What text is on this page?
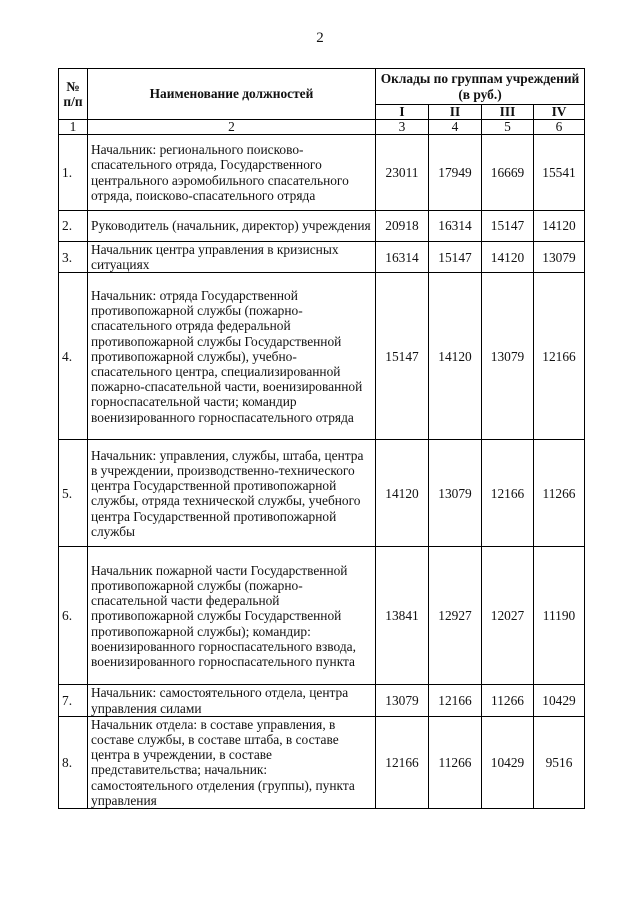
2
№ п/п	Наименование должностей	Оклады по группам учреждений (в руб.)			
		I	II	III	IV
1	2	3	4	5	6
1.	Начальник: регионального поисково-спасательного отряда, Государственного центрального аэромобильного спасательного отряда, поисково-спасательного отряда	23011	17949	16669	15541
2.	Руководитель (начальник, директор) учреждения	20918	16314	15147	14120
3.	Начальник центра управления в кризисных ситуациях	16314	15147	14120	13079
4.	Начальник: отряда Государственной противопожарной службы (пожарно-спасательного отряда федеральной противопожарной службы Государственной противопожарной службы), учебно-спасательного центра, специализированной пожарно-спасательной части, военизированной горноспасательной части; командир военизированного горноспасательного отряда	15147	14120	13079	12166
5.	Начальник: управления, службы, штаба, центра в учреждении, производственно-технического центра Государственной противопожарной службы, отряда технической службы, учебного центра Государственной противопожарной службы	14120	13079	12166	11266
6.	Начальник пожарной части Государственной противопожарной службы (пожарно-спасательной части федеральной противопожарной службы Государственной противопожарной службы); командир: военизированного горноспасательного взвода, военизированного горноспасательного пункта	13841	12927	12027	11190
7.	Начальник: самостоятельного отдела, центра управления силами	13079	12166	11266	10429
8.	Начальник отдела: в составе управления, в составе службы, в составе штаба, в составе центра в учреждении, в составе представительства; начальник: самостоятельного отделения (группы), пункта управления	12166	11266	10429	9516
